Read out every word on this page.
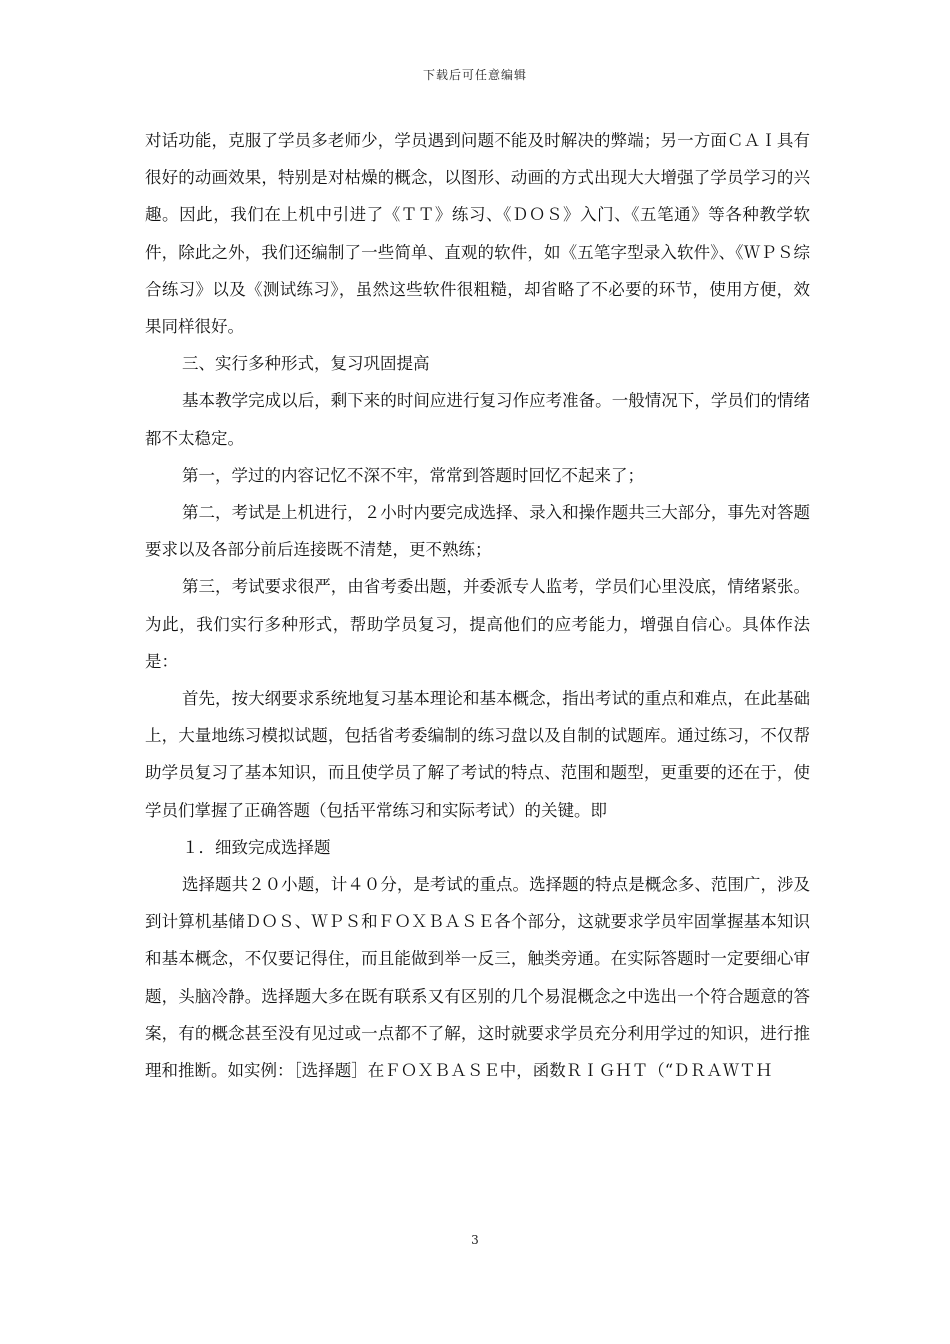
下载后可任意编辑

对话功能，克服了学员多老师少，学员遇到问题不能及时解决的弊端；另一方面ＣＡＩ具有很好的动画效果，特别是对枯燥的概念，以图形、动画的方式出现大大增强了学员学习的兴趣。因此，我们在上机中引进了《ＴＴ》练习、《ＤＯＳ》入门、《五笔通》等各种教学软件，除此之外，我们还编制了一些简单、直观的软件，如《五笔字型录入软件》、《ＷＰＳ综合练习》以及《测试练习》，虽然这些软件很粗糙，却省略了不必要的环节，使用方便，效果同样很好。

三、实行多种形式，复习巩固提高

基本教学完成以后，剩下来的时间应进行复习作应考准备。一般情况下，学员们的情绪都不太稳定。

第一，学过的内容记忆不深不牢，常常到答题时回忆不起来了；

第二，考试是上机进行，２小时内要完成选择、录入和操作题共三大部分，事先对答题要求以及各部分前后连接既不清楚，更不熟练；

第三，考试要求很严，由省考委出题，并委派专人监考，学员们心里没底，情绪紧张。为此，我们实行多种形式，帮助学员复习，提高他们的应考能力，增强自信心。具体作法是：

首先，按大纲要求系统地复习基本理论和基本概念，指出考试的重点和难点，在此基础上，大量地练习模拟试题，包括省考委编制的练习盘以及自制的试题库。通过练习，不仅帮助学员复习了基本知识，而且使学员了解了考试的特点、范围和题型，更重要的还在于，使学员们掌握了正确答题（包括平常练习和实际考试）的关键。即

１．细致完成选择题

选择题共２０小题，计４０分，是考试的重点。选择题的特点是概念多、范围广，涉及到计算机基储ＤＯＳ、ＷＰＳ和ＦＯＸＢＡＳＥ各个部分，这就要求学员牢固掌握基本知识和基本概念，不仅要记得住，而且能做到举一反三，触类旁通。在实际答题时一定要细心审题，头脑冷静。选择题大多在既有联系又有区别的几个易混概念之中选出一个符合题意的答案，有的概念甚至没有见过或一点都不了解，这时就要求学员充分利用学过的知识，进行推理和推断。如实例：［选择题］在ＦＯＸＢＡＳＥ中，函数ＲＩＧＨＴ（“ＤＲＡＷＴＨ

3
